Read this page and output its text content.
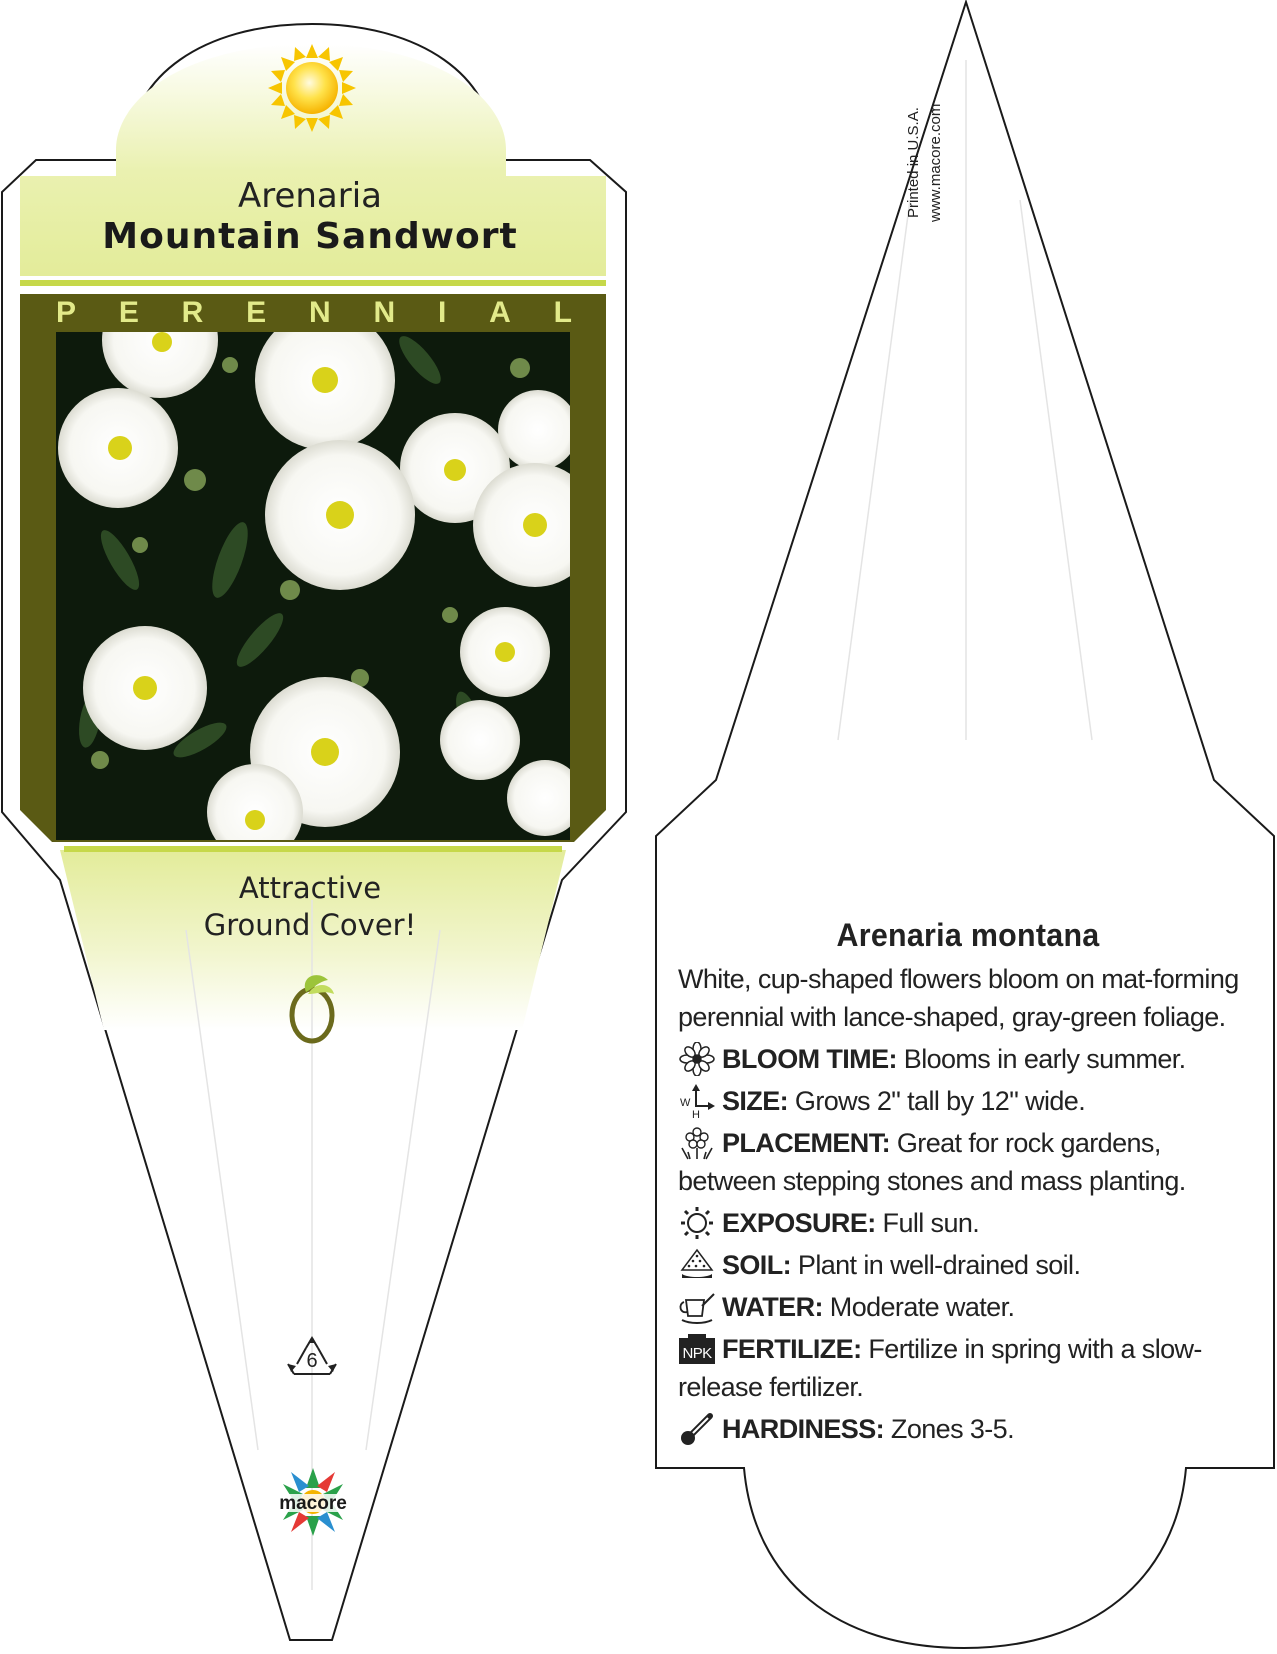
Arenaria
Mountain Sandwort
P E R E N N I A L
Attractive
Ground Cover!
6
macore
Printed in U.S.A. www.macore.com
Arenaria montana
White, cup-shaped flowers bloom on mat-forming perennial with lance-shaped, gray-green foliage.
BLOOM TIME: Blooms in early summer.
W
H SIZE: Grows 2" tall by 12" wide.
PLACEMENT: Great for rock gardens, between stepping stones and mass planting.
EXPOSURE: Full sun.
SOIL: Plant in well-drained soil.
WATER: Moderate water.
NPK FERTILIZE: Fertilize in spring with a slow-release fertilizer.
HARDINESS: Zones 3-5.
